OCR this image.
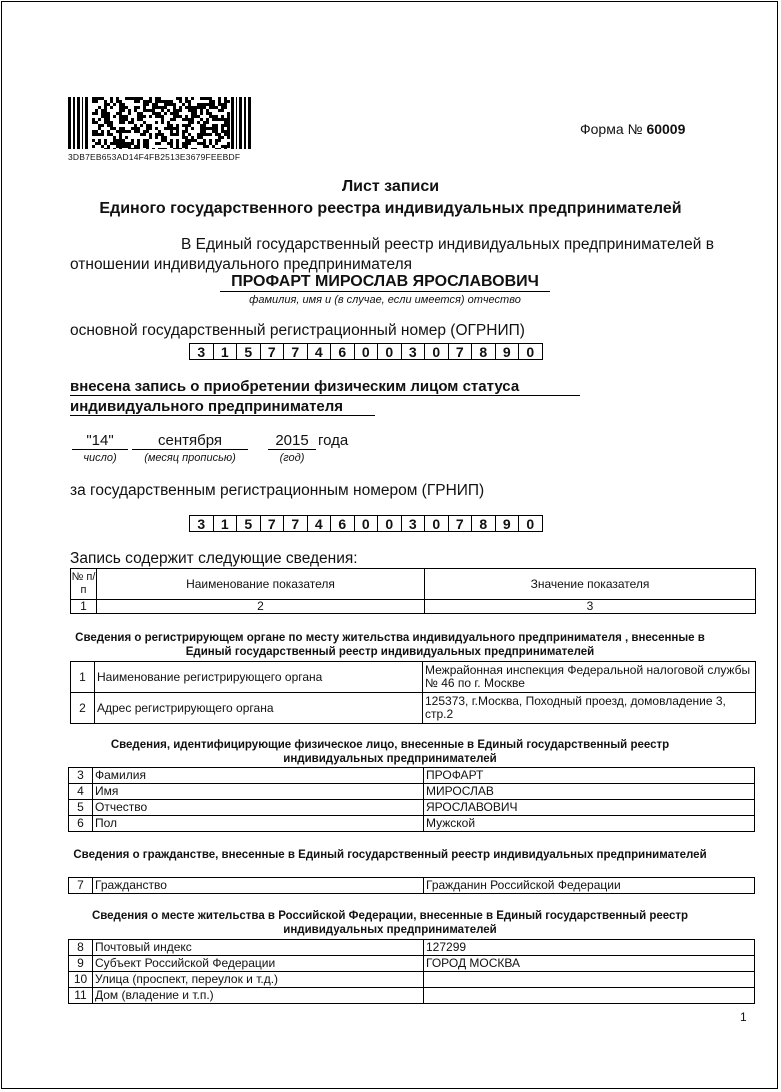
3DB7EB653AD14F4FB2513E3679FEEBDF
Форма № 60009
Лист записи
Единого государственного реестра индивидуальных предпринимателей
В Единый государственный реестр индивидуальных предпринимателей в
отношении индивидуального предпринимателя
ПРОФАРТ МИРОСЛАВ ЯРОСЛАВОВИЧ
фамилия, имя и (в случае, если имеется) отчество
основной государственный регистрационный номер (ОГРНИП)
3	1	5	7	7	4	6	0	0	3	0	7	8	9	0
внесена запись о приобретении физическим лицом статуса
индивидуального предпринимателя
"14"	сентября	2015 года
число)	(месяц прописью)	(год)
за государственным регистрационным номером (ГРНИП)
3	1	5	7	7	4	6	0	0	3	0	7	8	9	0
Запись содержит следующие сведения:
№ п/п	Наименование показателя	Значение показателя
1	2	3
Сведения о регистрирующем органе по месту жительства индивидуального предпринимателя , внесенные в Единый государственный реестр индивидуальных предпринимателей
1	Наименование регистрирующего органа	Межрайонная инспекция Федеральной налоговой службы № 46 по г. Москве
2	Адрес регистрирующего органа	125373, г.Москва, Походный проезд, домовладение 3, стр.2
Сведения, идентифицирующие физическое лицо, внесенные в Единый государственный реестр индивидуальных предпринимателей
3	Фамилия	ПРОФАРТ
4	Имя	МИРОСЛАВ
5	Отчество	ЯРОСЛАВОВИЧ
6	Пол	Мужской
Сведения о гражданстве, внесенные в Единый государственный реестр индивидуальных предпринимателей
7	Гражданство	Гражданин Российской Федерации
Сведения о месте жительства в Российской Федерации, внесенные в Единый государственный реестр индивидуальных предпринимателей
8	Почтовый индекс	127299
9	Субъект Российской Федерации	ГОРОД МОСКВА
10	Улица (проспект, переулок и т.д.)	
11	Дом (владение и т.п.)	
1
